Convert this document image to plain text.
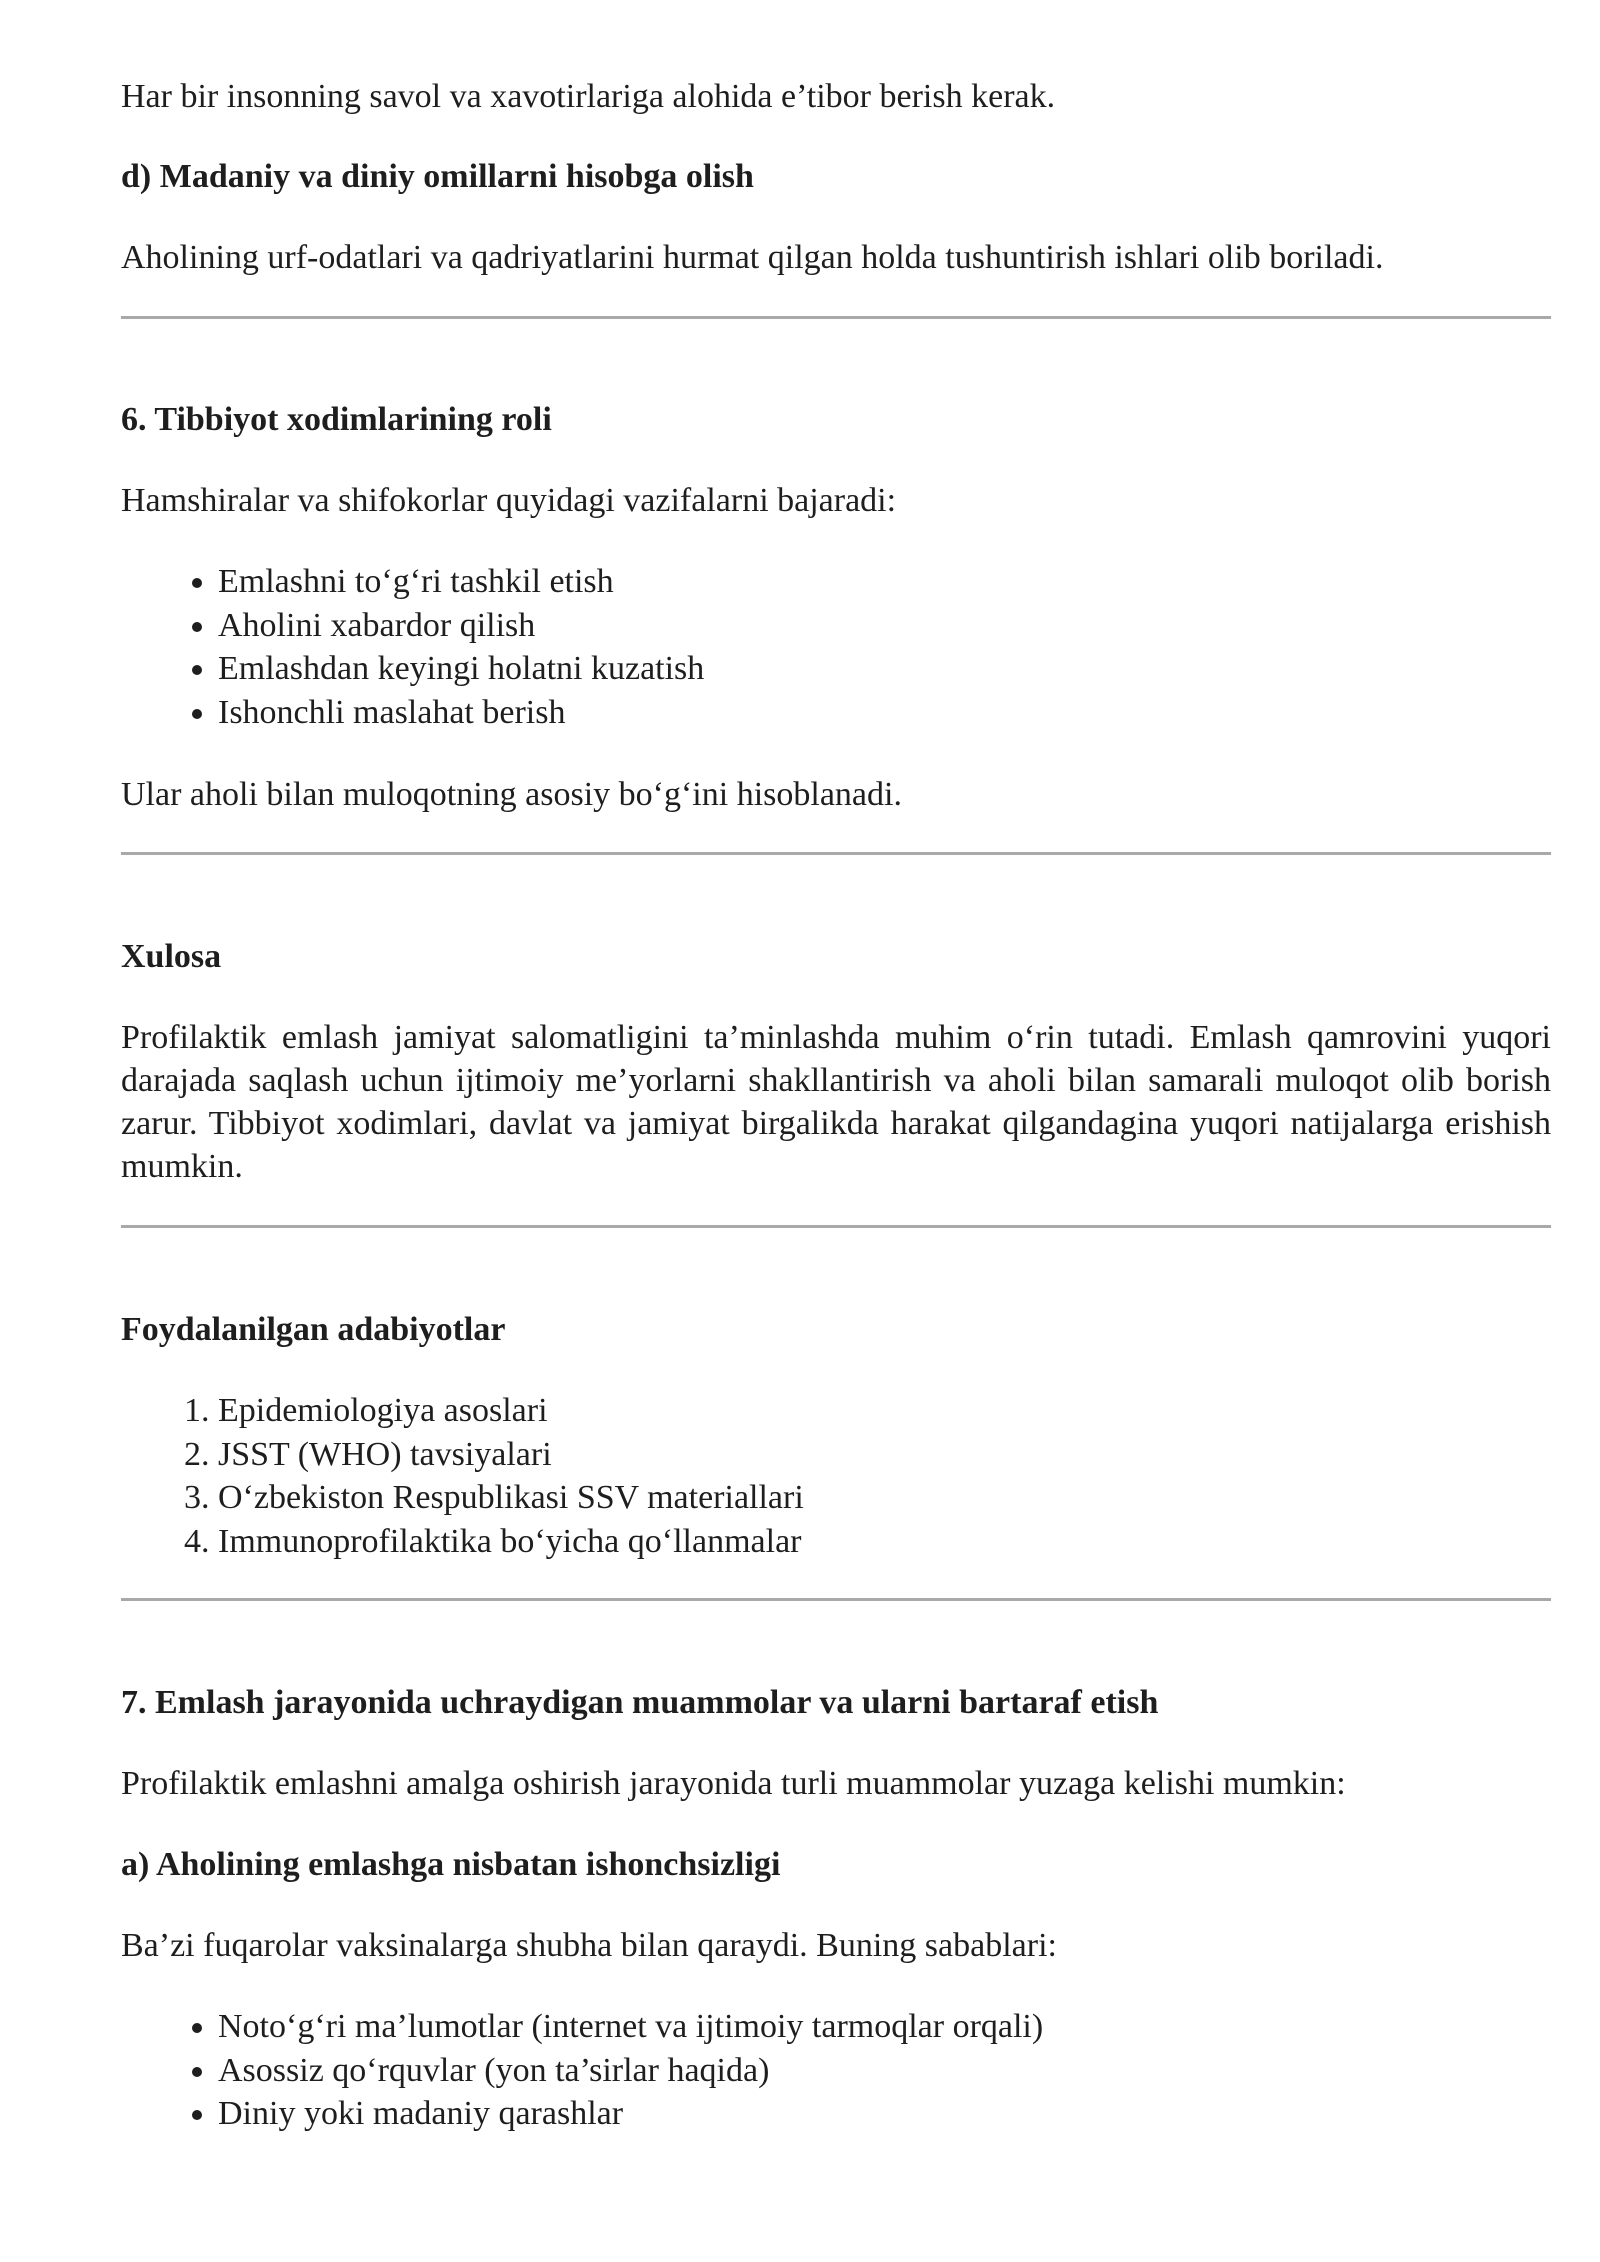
Har bir insonning savol va xavotirlariga alohida e’tibor berish kerak.

d) Madaniy va diniy omillarni hisobga olish

Aholining urf-odatlari va qadriyatlarini hurmat qilgan holda tushuntirish ishlari olib boriladi.

6. Tibbiyot xodimlarining roli

Hamshiralar va shifokorlar quyidagi vazifalarni bajaradi:

• Emlashni to‘g‘ri tashkil etish
• Aholini xabardor qilish
• Emlashdan keyingi holatni kuzatish
• Ishonchli maslahat berish

Ular aholi bilan muloqotning asosiy bo‘g‘ini hisoblanadi.

Xulosa

Profilaktik emlash jamiyat salomatligini ta’minlashda muhim o‘rin tutadi. Emlash qamrovini yuqori darajada saqlash uchun ijtimoiy me’yorlarni shakllantirish va aholi bilan samarali muloqot olib borish zarur. Tibbiyot xodimlari, davlat va jamiyat birgalikda harakat qilgandagina yuqori natijalarga erishish mumkin.

Foydalanilgan adabiyotlar
1. Epidemiologiya asoslari
2. JSST (WHO) tavsiyalari
3. O‘zbekiston Respublikasi SSV materiallari
4. Immunoprofilaktika bo‘yicha qo‘llanmalar
7. Emlash jarayonida uchraydigan muammolar va ularni bartaraf etish

Profilaktik emlashni amalga oshirish jarayonida turli muammolar yuzaga kelishi mumkin:

a) Aholining emlashga nisbatan ishonchsizligi

Ba’zi fuqarolar vaksinalarga shubha bilan qaraydi. Buning sabablari:

• Noto‘g‘ri ma’lumotlar (internet va ijtimoiy tarmoqlar orqali)
• Asossiz qo‘rquvlar (yon ta’sirlar haqida)
• Diniy yoki madaniy qarashlar
